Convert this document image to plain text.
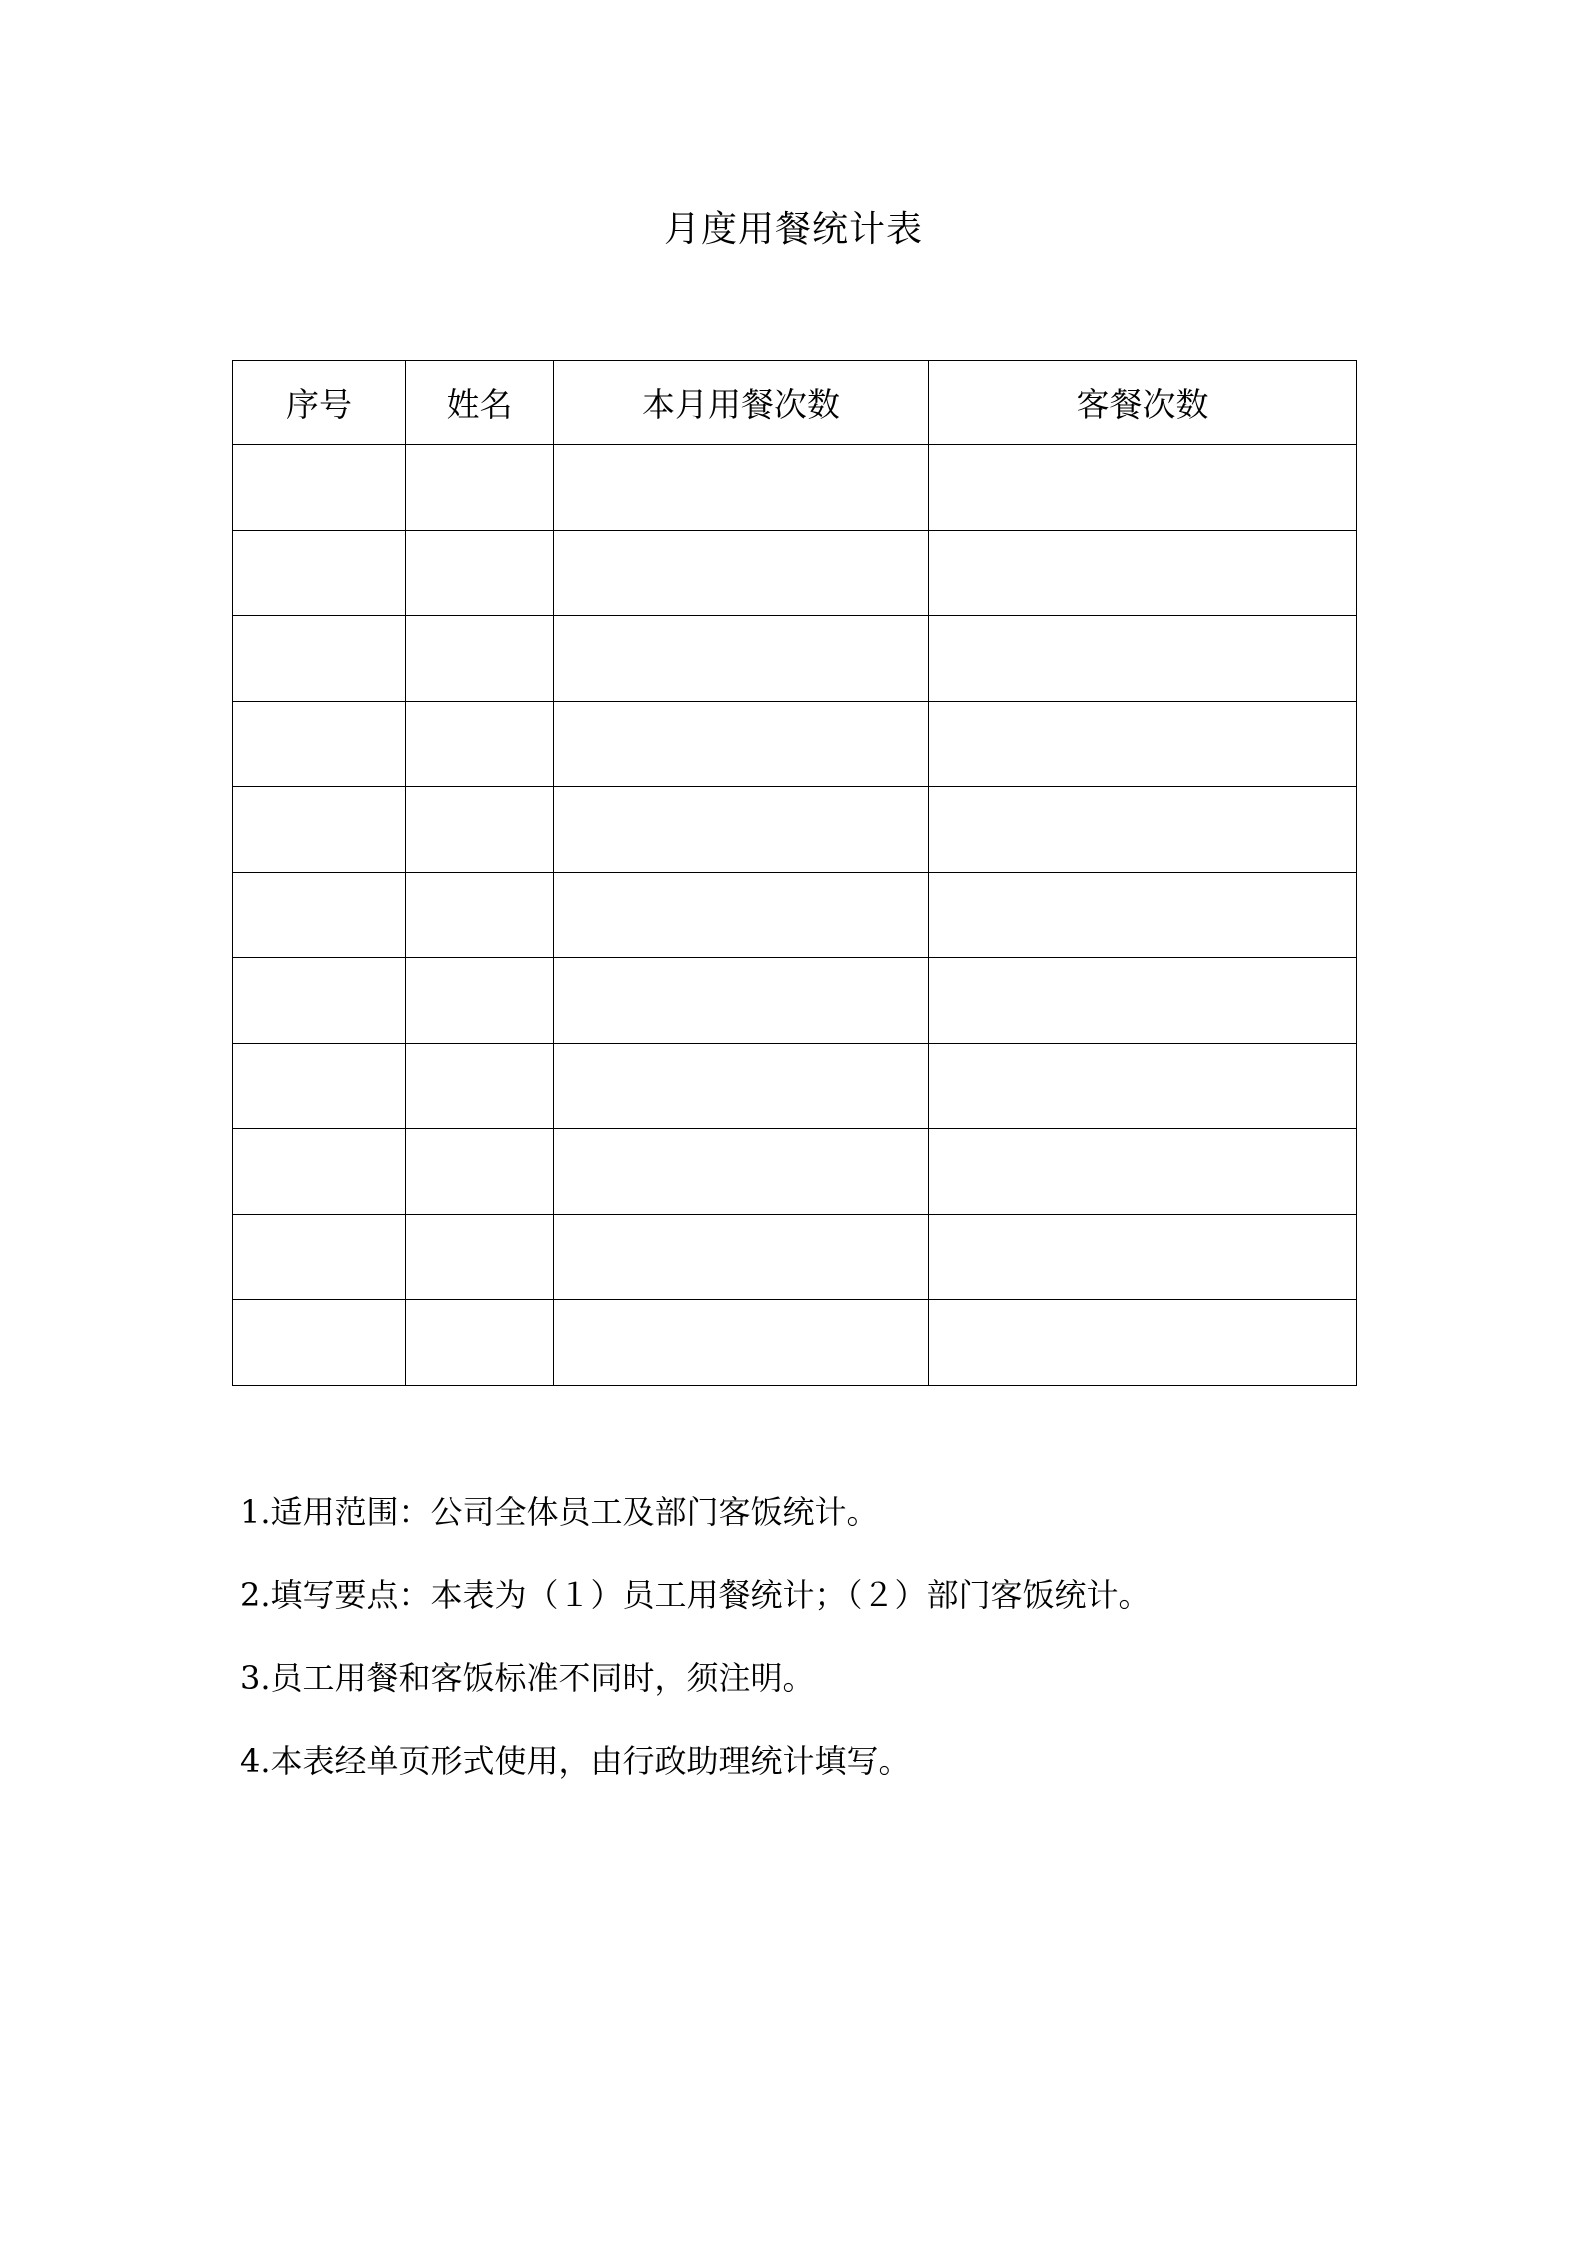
月度用餐统计表
序号	姓名	本月用餐次数	客餐次数

1.适用范围：公司全体员工及部门客饭统计。

2.填写要点：本表为（１）员工用餐统计；（２）部门客饭统计。

3.员工用餐和客饭标准不同时，须注明。

4.本表经单页形式使用，由行政助理统计填写。
